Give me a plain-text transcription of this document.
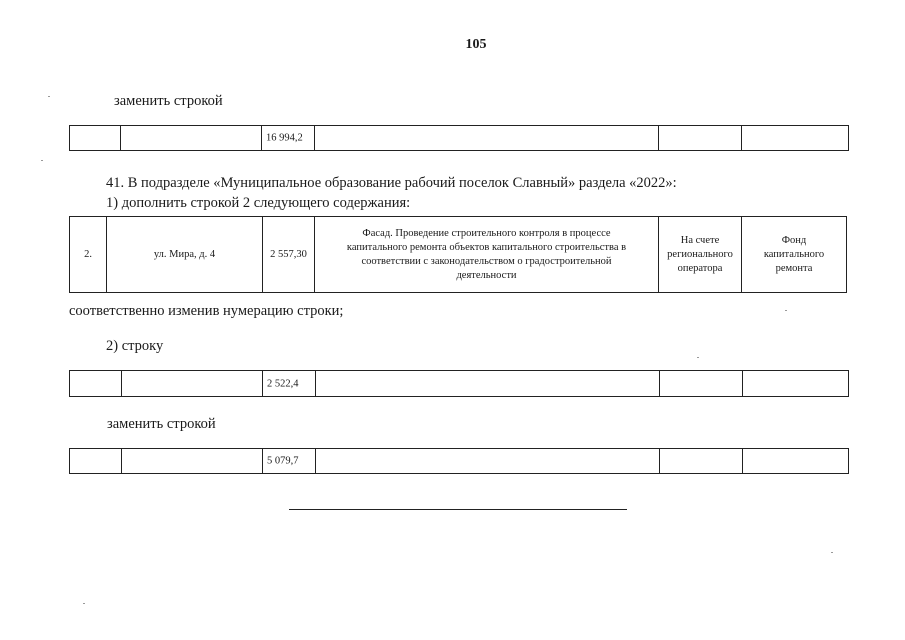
105
заменить строкой
16 994,2
41. В подразделе «Муниципальное образование рабочий поселок Славный» раздела «2022»:
1) дополнить строкой 2 следующего содержания:
2.	ул. Мира, д. 4	2 557,30
Фасад. Проведение строительного контроля в процессе капитального ремонта объектов капитального строительства в соответствии с законодательством о градостроительной деятельности
На счете регионального оператора
Фонд капитального ремонта
соответственно изменив нумерацию строки;
2) строку
2 522,4
заменить строкой
5 079,7
